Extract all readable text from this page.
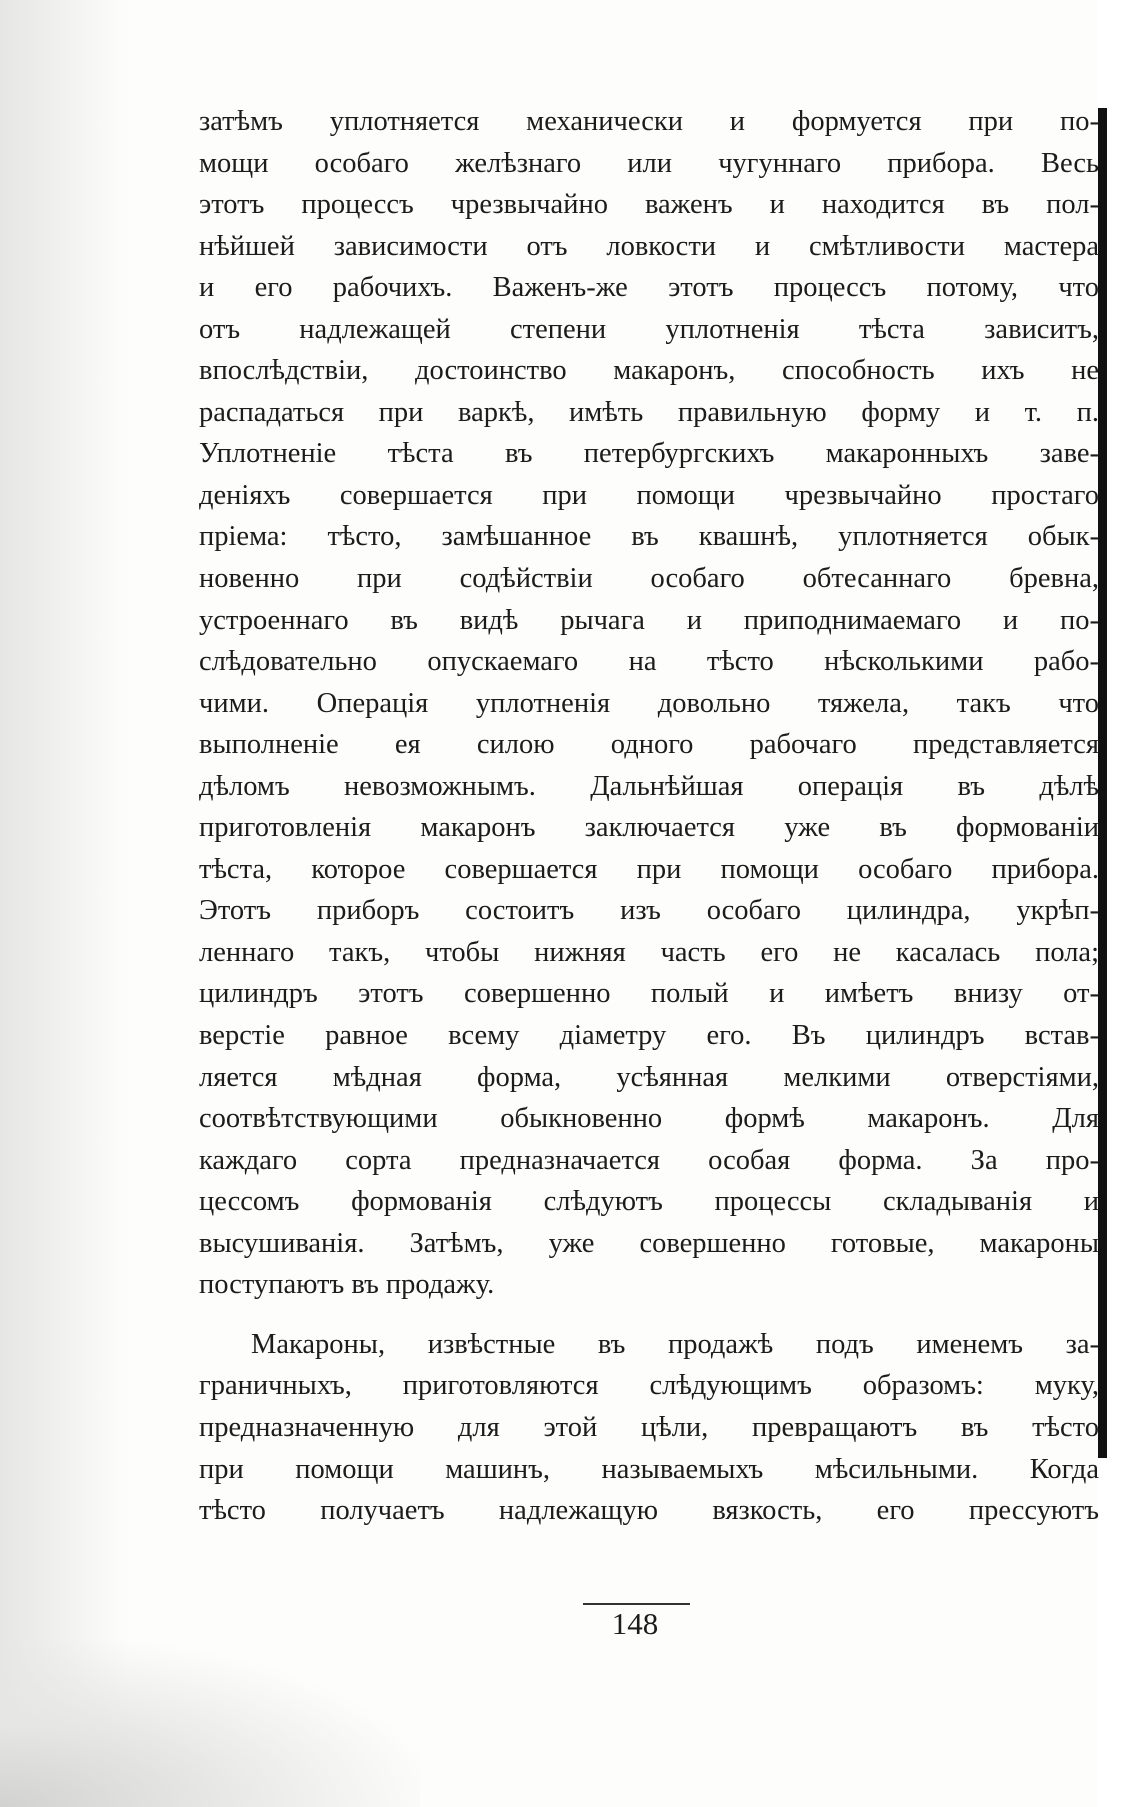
затѣмъ уплотняется механически и формуется при по-
мощи особаго желѣзнаго или чугуннаго прибора. Весь
этотъ процессъ чрезвычайно важенъ и находится въ пол-
нѣйшей зависимости отъ ловкости и смѣтливости мастера
и его рабочихъ. Важенъ-же этотъ процессъ потому, что
отъ надлежащей степени уплотненія тѣста зависитъ,
впослѣдствіи, достоинство макаронъ, способность ихъ не
распадаться при варкѣ, имѣть правильную форму и т. п.
Уплотненіе тѣста въ петербургскихъ макаронныхъ заве-
деніяхъ совершается при помощи чрезвычайно простаго
пріема: тѣсто, замѣшанное въ квашнѣ, уплотняется обык-
новенно при содѣйствіи особаго обтесаннаго бревна,
устроеннаго въ видѣ рычага и приподнимаемаго и по-
слѣдовательно опускаемаго на тѣсто нѣсколькими рабо-
чими. Операція уплотненія довольно тяжела, такъ что
выполненіе ея силою одного рабочаго представляется
дѣломъ невозможнымъ. Дальнѣйшая операція въ дѣлѣ
приготовленія макаронъ заключается уже въ формованіи
тѣста, которое совершается при помощи особаго прибора.
Этотъ приборъ состоитъ изъ особаго цилиндра, укрѣп-
леннаго такъ, чтобы нижняя часть его не касалась пола;
цилиндръ этотъ совершенно полый и имѣетъ внизу от-
верстіе равное всему діаметру его. Въ цилиндръ встав-
ляется мѣдная форма, усѣянная мелкими отверстіями,
соотвѣтствующими обыкновенно формѣ макаронъ. Для
каждаго сорта предназначается особая форма. За про-
цессомъ формованія слѣдуютъ процессы складыванія и
высушиванія. Затѣмъ, уже совершенно готовые, макароны
поступаютъ въ продажу.
Макароны, извѣстные въ продажѣ подъ именемъ за-
граничныхъ, приготовляются слѣдующимъ образомъ: муку,
предназначенную для этой цѣли, превращаютъ въ тѣсто
при помощи машинъ, называемыхъ мѣсильными. Когда
тѣсто получаетъ надлежащую вязкость, его прессуютъ
148
